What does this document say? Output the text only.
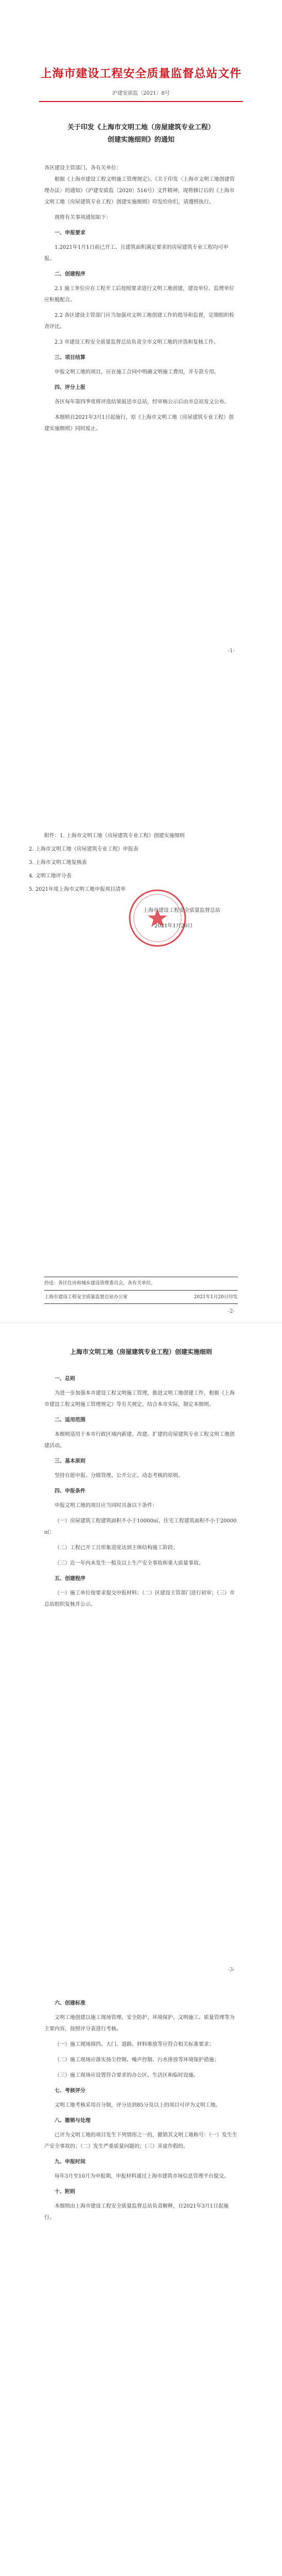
上海市建设工程安全质量监督总站文件
沪建安质监〔2021〕8号
关于印发《上海市文明工地（房屋建筑专业工程）
创建实施细则》的通知

各区建设主管部门，各有关单位：

根据《上海市建设工程文明施工管理规定》、《关于印发〈上海市文明工地创建管理办法〉的通知》（沪建安质监〔2020〕516号）文件精神，现将修订后的《上海市文明工地（房屋建筑专业工程）创建实施细则》印发给你们，请遵照执行。

现将有关事项通知如下：

一、申报要求

1.2021年1月1日前已开工、且建筑面积满足要求的房屋建筑专业工程均可申报。

二、创建程序

2.1 施工单位应在工程开工后按照要求进行文明工地创建，建设单位、监理单位应积极配合。

2.2 各区建设主管部门应当加强对文明工地创建工作的指导和监督，定期组织检查评比。

2.3 市建设工程安全质量监督总站负责全市文明工地的评选和复核工作。

三、项目结算

申报文明工地的项目，应在施工合同中明确文明施工费用，并专款专用。

四、评分上报

各区每年第四季度将评选结果报送市总站，经审核公示后由市总站发文公布。

本细则自2021年3月1日起施行，原《上海市文明工地（房屋建筑专业工程）创建实施细则》同时废止。

-1-
附件：1. 上海市文明工地（房屋建筑专业工程）创建实施细则
2. 上海市文明工地（房屋建筑专业工程）申报表
3. 上海市文明工地复核表
4. 文明工地评分表
5. 2021年度上海市文明工地申报项目清单
上海市建设工程安全质量监督总站
2021年1月20日
抄送：各区住房和城乡建设管理委员会，各有关单位。
上海市建设工程安全质量监督总站办公室	2021年1月20日印发
-2-
上海市文明工地（房屋建筑专业工程）创建实施细则

一、总则

为进一步加强本市建设工程文明施工管理，推进文明工地创建工作，根据《上海市建设工程文明施工管理规定》等有关规定，结合本市实际，制定本细则。

二、适用范围

本细则适用于本市行政区域内新建、改建、扩建的房屋建筑专业工程文明工地创建活动。

三、基本原则

坚持自愿申报、分级管理、公开公正、动态考核的原则。

四、申报条件

申报文明工地的项目应当同时具备以下条件：

（一）房屋建筑工程建筑面积不小于10000㎡，住宅工程建筑面积不小于20000㎡；

（二）工程已开工且形象进度达到主体结构施工阶段；

（三）近一年内未发生一般及以上生产安全事故和重大质量事故。

五、创建程序

（一）施工单位按要求提交申报材料；（二）区建设主管部门进行初审；（三）市总站组织复核并公示。

-3-

六、创建标准

文明工地创建以施工现场管理、安全防护、环境保护、文明施工、质量管理等为主要内容，按照评分表进行考核。

（一）施工现场围挡、大门、道路、材料堆放等应符合相关标准要求；

（二）施工现场应落实扬尘控制、噪声控制、污水排放等环境保护措施；

（三）施工现场应设置符合要求的办公区、生活区和临时设施。

七、考核评分

文明工地考核采用百分制，评分达到85分及以上的项目可评为文明工地。

八、撤销与处理

已评为文明工地的项目发生下列情形之一的，撤销其文明工地称号：（一）发生生产安全事故的；（二）发生严重质量问题的；（三）弄虚作假的。

九、申报时间

每年3月至10月为申报期，申报材料通过上海市建筑市场信息管理平台提交。

十、附则

本细则由上海市建设工程安全质量监督总站负责解释，自2021年3月1日起施行。
